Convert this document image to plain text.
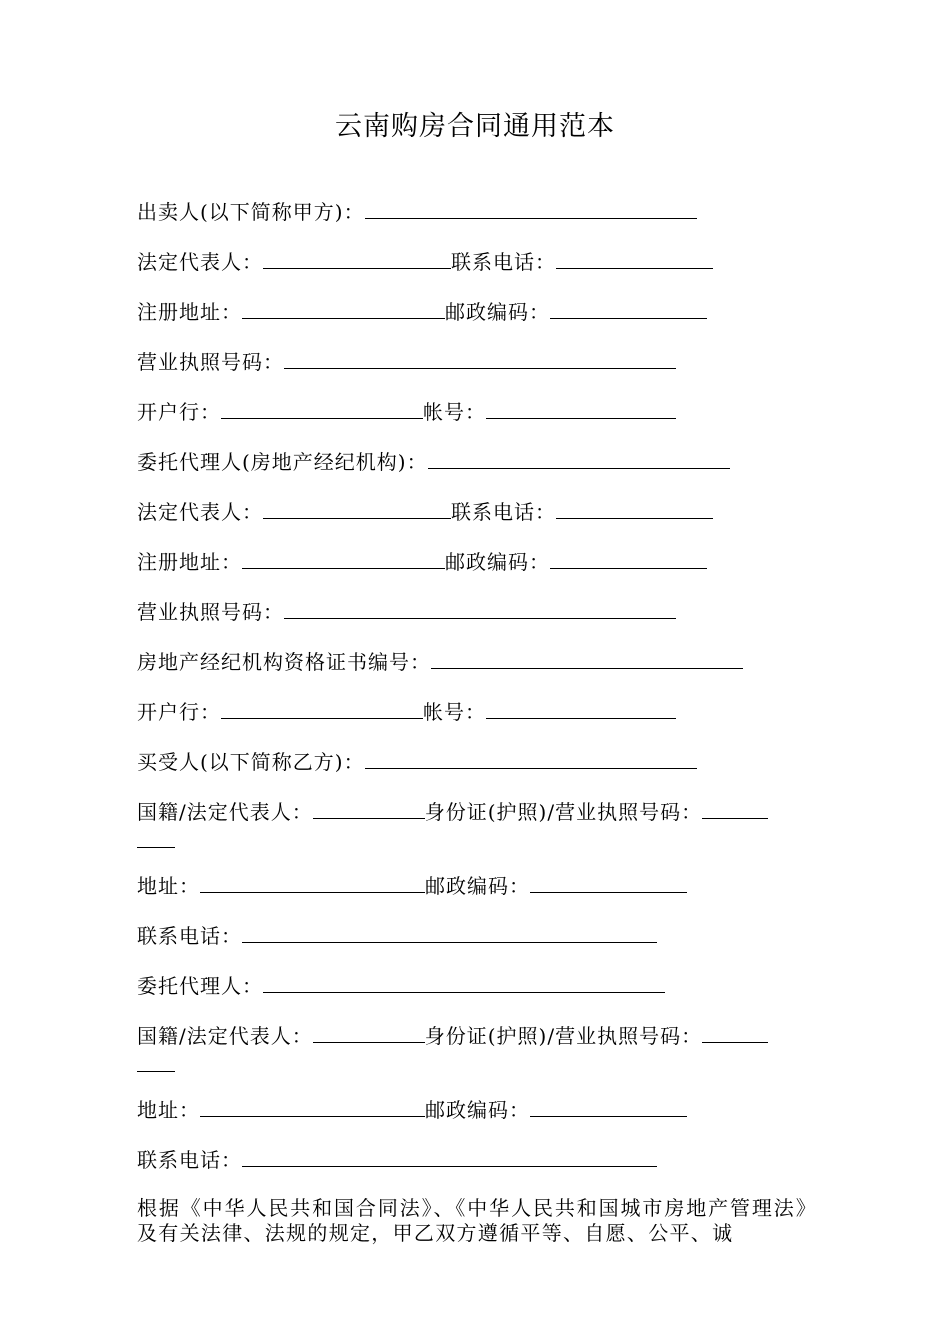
云南购房合同通用范本
出卖人(以下简称甲方)：
法定代表人：	联系电话：
注册地址：	邮政编码：
营业执照号码：
开户行：	帐号：
委托代理人(房地产经纪机构)：
法定代表人：	联系电话：
注册地址：	邮政编码：
营业执照号码：
房地产经纪机构资格证书编号：
开户行：	帐号：
买受人(以下简称乙方)：
国籍/法定代表人：	身份证(护照)/营业执照号码：
地址：	邮政编码：
联系电话：
委托代理人：
国籍/法定代表人：	身份证(护照)/营业执照号码：
地址：	邮政编码：
联系电话：
根据《中华人民共和国合同法》、《中华人民共和国城市房地产管理法》及有关法律、法规的规定，甲乙双方遵循平等、自愿、公平、诚
